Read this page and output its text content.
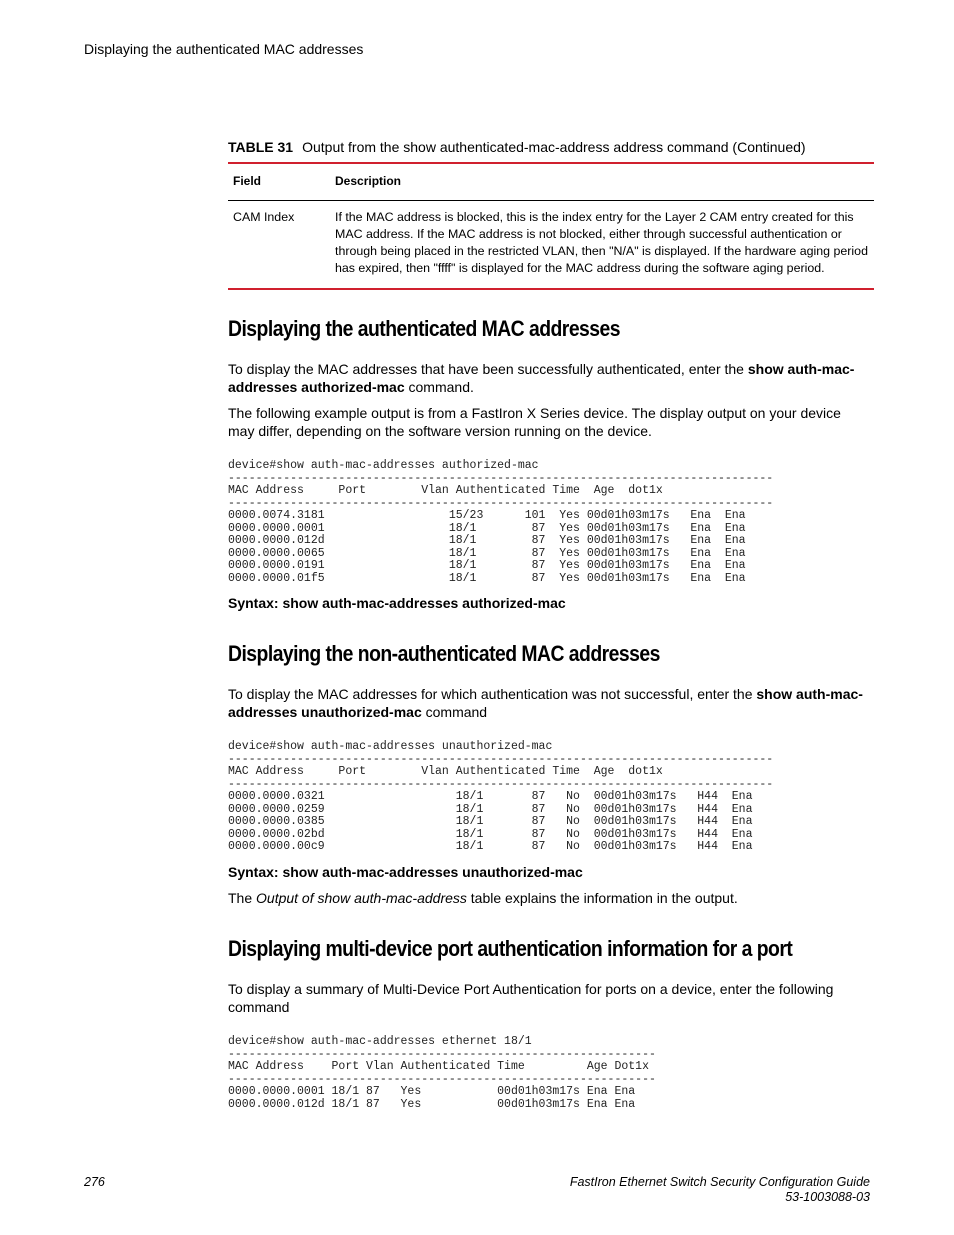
Displaying the authenticated MAC addresses
TABLE 31 Output from the show authenticated-mac-address address command (Continued)
Field	Description
CAM Index	If the MAC address is blocked, this is the index entry for the Layer 2 CAM entry created for this MAC address. If the MAC address is not blocked, either through successful authentication or through being placed in the restricted VLAN, then "N/A" is displayed. If the hardware aging period has expired, then "ffff" is displayed for the MAC address during the software aging period.
Displaying the authenticated MAC addresses
To display the MAC addresses that have been successfully authenticated, enter the show auth-mac-addresses authorized-mac command.
The following example output is from a FastIron X Series device. The display output on your device may differ, depending on the software version running on the device.
device#show auth-mac-addresses authorized-mac
-------------------------------------------------------------------------------
MAC Address     Port        Vlan Authenticated Time  Age  dot1x
-------------------------------------------------------------------------------
0000.0074.3181                  15/23      101  Yes 00d01h03m17s   Ena  Ena
0000.0000.0001                  18/1        87  Yes 00d01h03m17s   Ena  Ena
0000.0000.012d                  18/1        87  Yes 00d01h03m17s   Ena  Ena
0000.0000.0065                  18/1        87  Yes 00d01h03m17s   Ena  Ena
0000.0000.0191                  18/1        87  Yes 00d01h03m17s   Ena  Ena
0000.0000.01f5                  18/1        87  Yes 00d01h03m17s   Ena  Ena
Syntax: show auth-mac-addresses authorized-mac
Displaying the non-authenticated MAC addresses
To display the MAC addresses for which authentication was not successful, enter the show auth-mac-addresses unauthorized-mac command
device#show auth-mac-addresses unauthorized-mac
-------------------------------------------------------------------------------
MAC Address     Port        Vlan Authenticated Time  Age  dot1x
-------------------------------------------------------------------------------
0000.0000.0321                   18/1       87   No  00d01h03m17s   H44  Ena
0000.0000.0259                   18/1       87   No  00d01h03m17s   H44  Ena
0000.0000.0385                   18/1       87   No  00d01h03m17s   H44  Ena
0000.0000.02bd                   18/1       87   No  00d01h03m17s   H44  Ena
0000.0000.00c9                   18/1       87   No  00d01h03m17s   H44  Ena
Syntax: show auth-mac-addresses unauthorized-mac
The Output of show auth-mac-address table explains the information in the output.
Displaying multi-device port authentication information for a port
To display a summary of Multi-Device Port Authentication for ports on a device, enter the following command
device#show auth-mac-addresses ethernet 18/1
--------------------------------------------------------------
MAC Address    Port Vlan Authenticated Time         Age Dot1x
--------------------------------------------------------------
0000.0000.0001 18/1 87   Yes           00d01h03m17s Ena Ena
0000.0000.012d 18/1 87   Yes           00d01h03m17s Ena Ena
276	FastIron Ethernet Switch Security Configuration Guide
53-1003088-03
